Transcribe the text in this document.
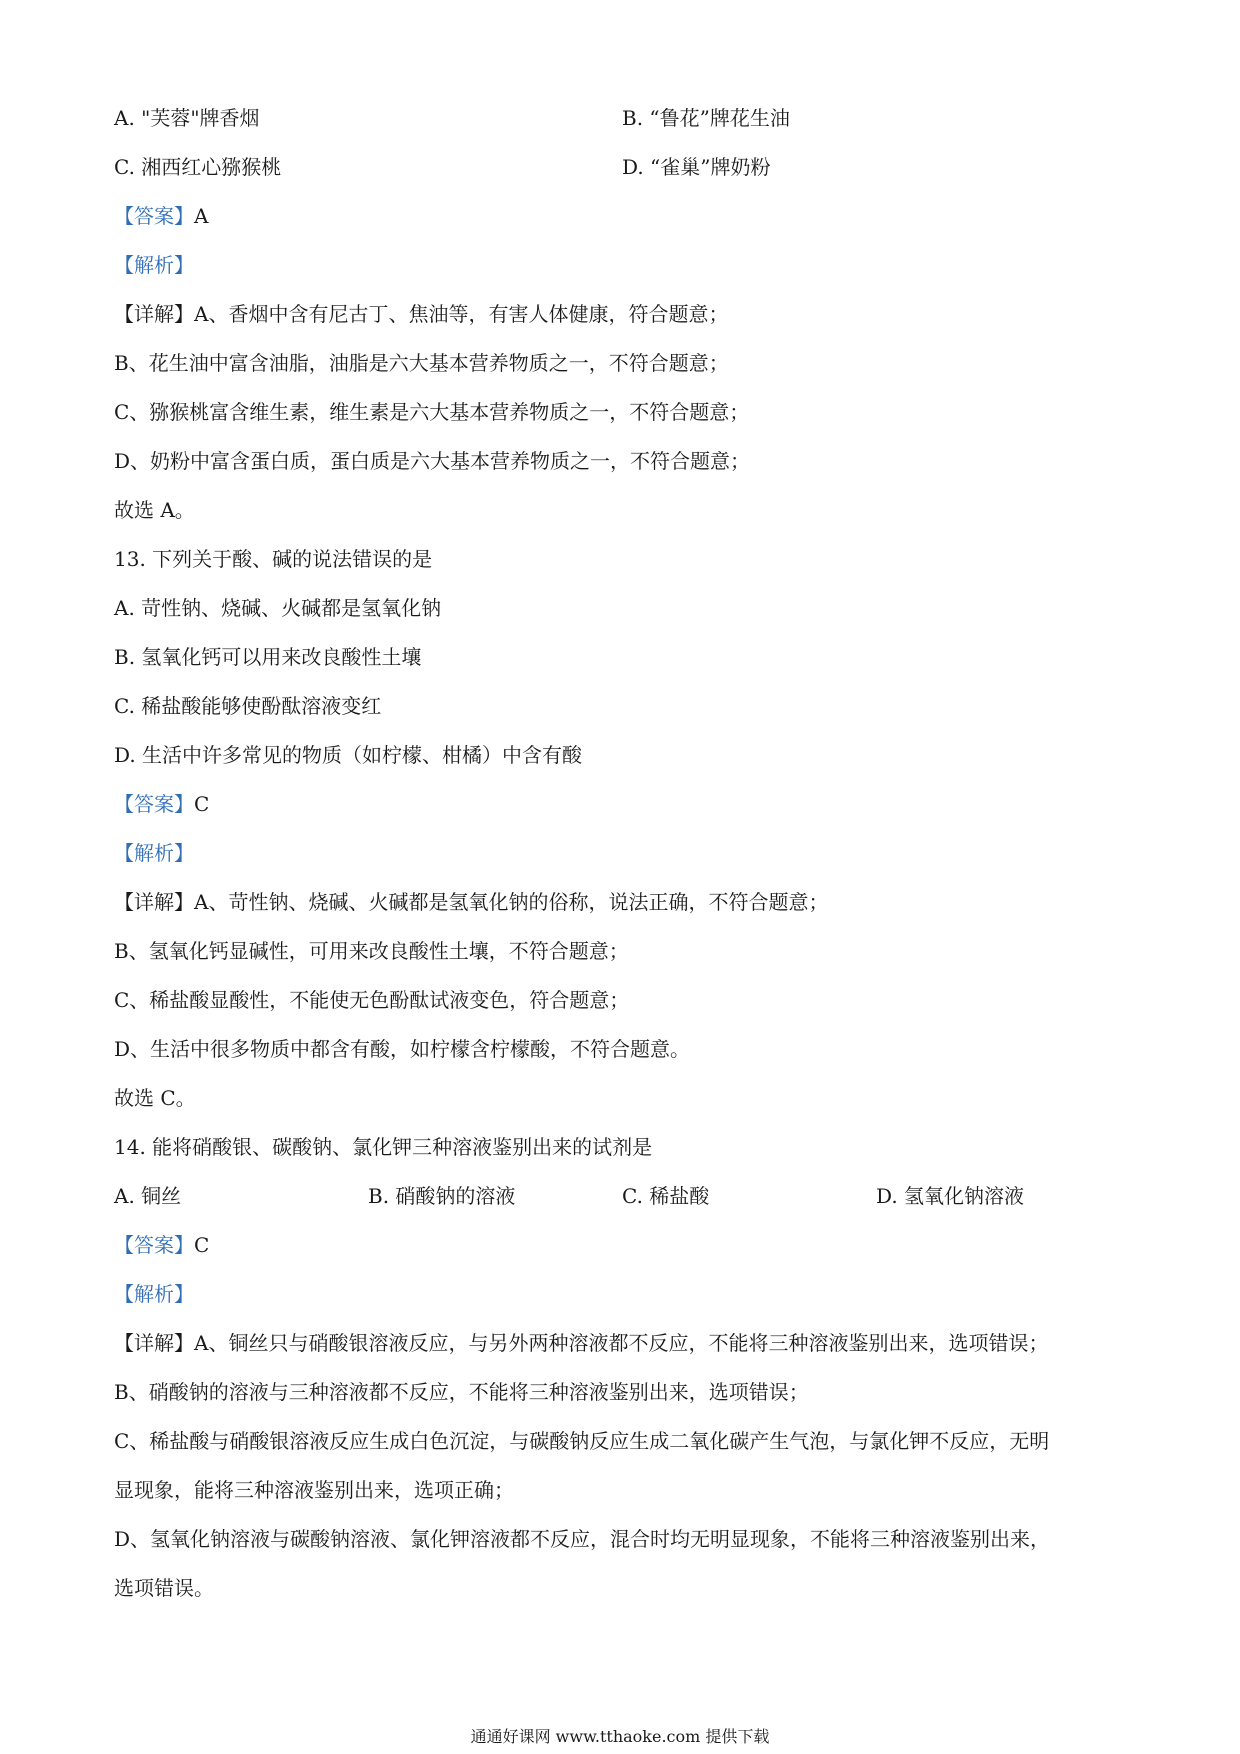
A. "芙蓉"牌香烟	B. “鲁花”牌花生油
C. 湘西红心猕猴桃	D. “雀巢”牌奶粉
【答案】A
【解析】
【详解】A、香烟中含有尼古丁、焦油等，有害人体健康，符合题意；
B、花生油中富含油脂，油脂是六大基本营养物质之一，不符合题意；
C、猕猴桃富含维生素，维生素是六大基本营养物质之一，不符合题意；
D、奶粉中富含蛋白质，蛋白质是六大基本营养物质之一，不符合题意；
故选 A。
13. 下列关于酸、碱的说法错误的是
A. 苛性钠、烧碱、火碱都是氢氧化钠
B. 氢氧化钙可以用来改良酸性土壤
C. 稀盐酸能够使酚酞溶液变红
D. 生活中许多常见的物质（如柠檬、柑橘）中含有酸
【答案】C
【解析】
【详解】A、苛性钠、烧碱、火碱都是氢氧化钠的俗称，说法正确，不符合题意；
B、氢氧化钙显碱性，可用来改良酸性土壤，不符合题意；
C、稀盐酸显酸性，不能使无色酚酞试液变色，符合题意；
D、生活中很多物质中都含有酸，如柠檬含柠檬酸，不符合题意。
故选 C。
14. 能将硝酸银、碳酸钠、氯化钾三种溶液鉴别出来的试剂是
A. 铜丝	B. 硝酸钠的溶液	C. 稀盐酸	D. 氢氧化钠溶液
【答案】C
【解析】
【详解】A、铜丝只与硝酸银溶液反应，与另外两种溶液都不反应，不能将三种溶液鉴别出来，选项错误；
B、硝酸钠的溶液与三种溶液都不反应，不能将三种溶液鉴别出来，选项错误；
C、稀盐酸与硝酸银溶液反应生成白色沉淀，与碳酸钠反应生成二氧化碳产生气泡，与氯化钾不反应，无明
显现象，能将三种溶液鉴别出来，选项正确；
D、氢氧化钠溶液与碳酸钠溶液、氯化钾溶液都不反应，混合时均无明显现象，不能将三种溶液鉴别出来，
选项错误。
通通好课网 www.tthaoke.com 提供下载
